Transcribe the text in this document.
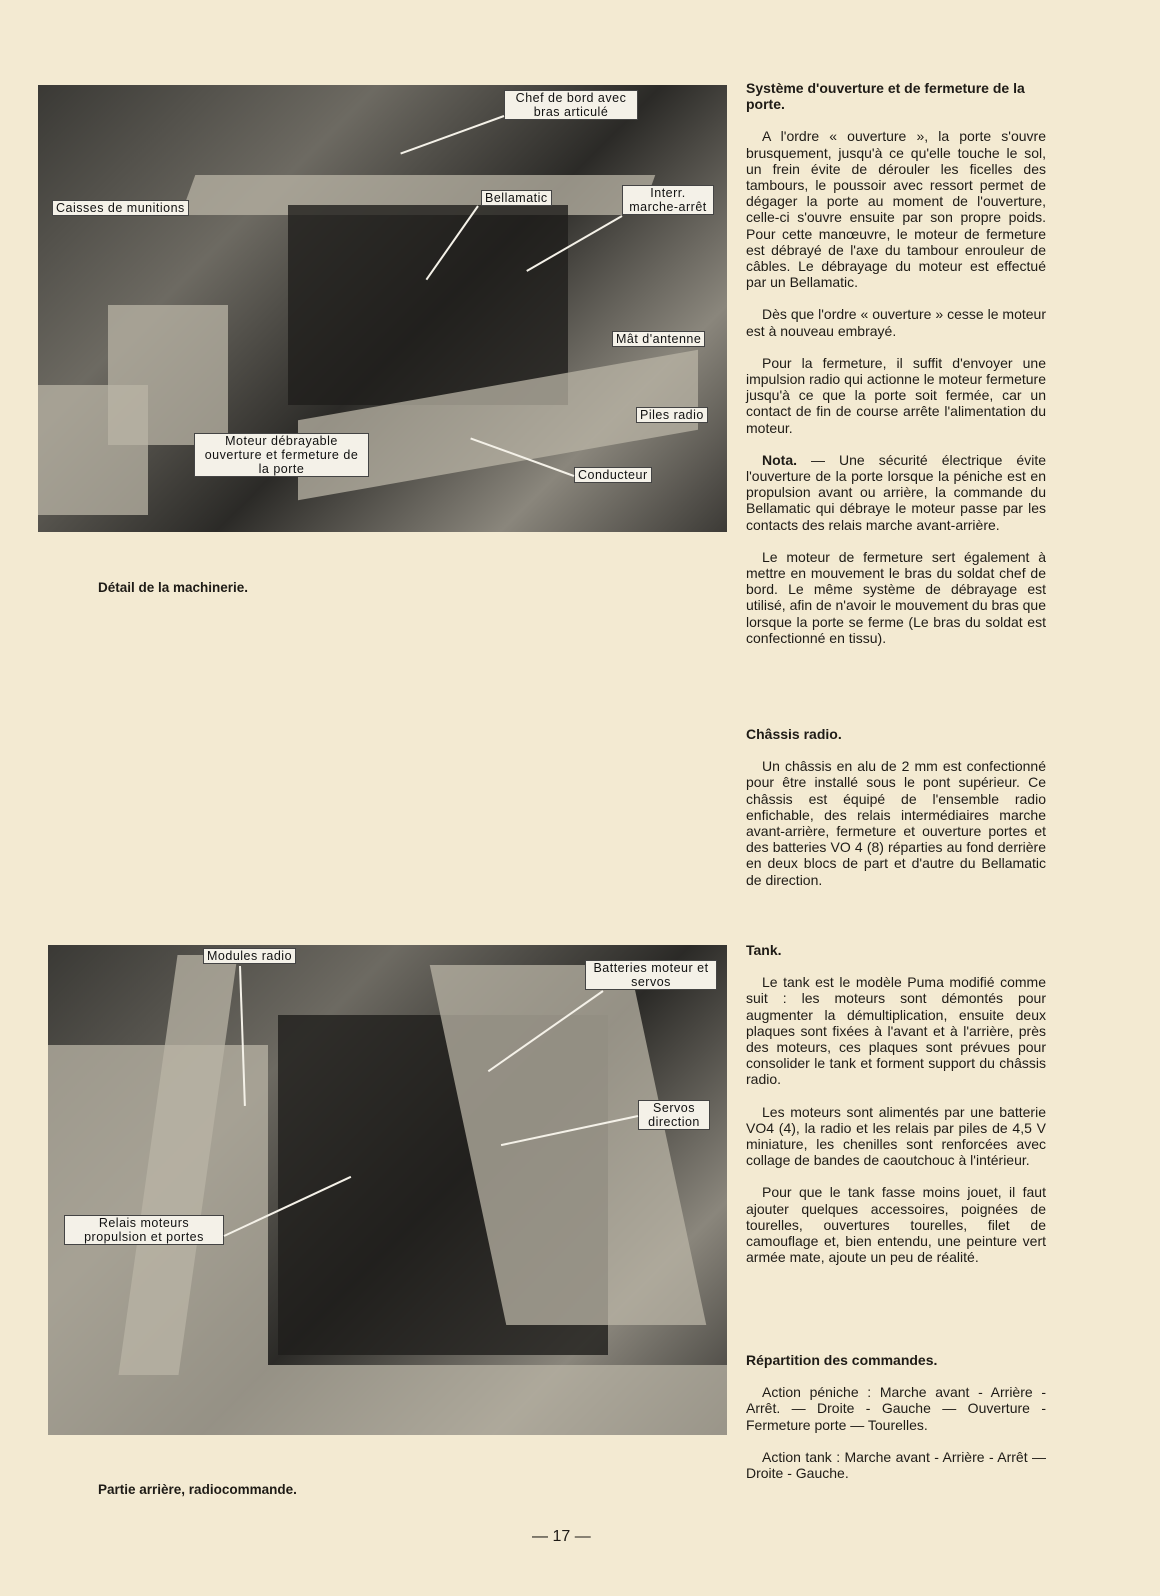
Chef de bord avec bras articulé
Caisses de munitions
Bellamatic	Interr. marche-arrêt
Mât d'antenne
Piles radio
Moteur débrayable ouverture et fermeture de la porte	Conducteur
Détail de la machinerie.
Modules radio
Batteries moteur et servos
Servos direction
Relais moteurs propulsion et portes
Partie arrière, radiocommande.
Système d'ouverture et de fermeture de la porte.

A l'ordre « ouverture », la porte s'ouvre brusquement, jusqu'à ce qu'elle touche le sol, un frein évite de dérouler les ficelles des tambours, le poussoir avec ressort permet de dégager la porte au moment de l'ouverture, celle-ci s'ouvre ensuite par son propre poids. Pour cette manœuvre, le moteur de fermeture est débrayé de l'axe du tambour enrouleur de câbles. Le débrayage du moteur est effectué par un Bellamatic.

Dès que l'ordre « ouverture » cesse le moteur est à nouveau embrayé.

Pour la fermeture, il suffit d'envoyer une impulsion radio qui actionne le moteur fermeture jusqu'à ce que la porte soit fermée, car un contact de fin de course arrête l'alimentation du moteur.

Nota. — Une sécurité électrique évite l'ouverture de la porte lorsque la péniche est en propulsion avant ou arrière, la commande du Bellamatic qui débraye le moteur passe par les contacts des relais marche avant-arrière.

Le moteur de fermeture sert également à mettre en mouvement le bras du soldat chef de bord. Le même système de débrayage est utilisé, afin de n'avoir le mouvement du bras que lorsque la porte se ferme (Le bras du soldat est confectionné en tissu).

Châssis radio.

Un châssis en alu de 2 mm est confectionné pour être installé sous le pont supérieur. Ce châssis est équipé de l'ensemble radio enfichable, des relais intermédiaires marche avant-arrière, fermeture et ouverture portes et des batteries VO 4 (8) réparties au fond derrière en deux blocs de part et d'autre du Bellamatic de direction.

Tank.

Le tank est le modèle Puma modifié comme suit : les moteurs sont démontés pour augmenter la démultiplication, ensuite deux plaques sont fixées à l'avant et à l'arrière, près des moteurs, ces plaques sont prévues pour consolider le tank et forment support du châssis radio.

Les moteurs sont alimentés par une batterie VO4 (4), la radio et les relais par piles de 4,5 V miniature, les chenilles sont renforcées avec collage de bandes de caoutchouc à l'intérieur.

Pour que le tank fasse moins jouet, il faut ajouter quelques accessoires, poignées de tourelles, ouvertures tourelles, filet de camouflage et, bien entendu, une peinture vert armée mate, ajoute un peu de réalité.

Répartition des commandes.

Action péniche : Marche avant - Arrière - Arrêt. — Droite - Gauche — Ouverture - Fermeture porte — Tourelles.

Action tank : Marche avant - Arrière - Arrêt — Droite - Gauche.

— 17 —
